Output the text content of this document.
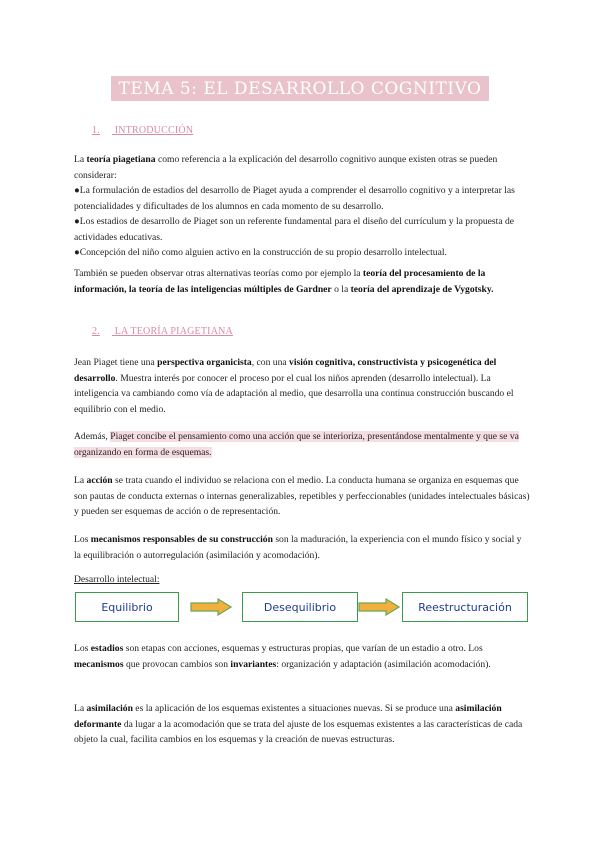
TEMA 5: EL DESARROLLO COGNITIVO
1. INTRODUCCIÓN

La teoría piagetiana como referencia a la explicación del desarrollo cognitivo aunque existen otras se pueden considerar:
●La formulación de estadios del desarrollo de Piaget ayuda a comprender el desarrollo cognitivo y a interpretar las potencialidades y dificultades de los alumnos en cada momento de su desarrollo.
●Los estadios de desarrollo de Piaget son un referente fundamental para el diseño del currículum y la propuesta de actividades educativas.
●Concepción del niño como alguien activo en la construcción de su propio desarrollo intelectual.

También se pueden observar otras alternativas teorías como por ejemplo la teoría del procesamiento de la información, la teoría de las inteligencias múltiples de Gardner o la teoría del aprendizaje de Vygotsky.

2. LA TEORÍA PIAGETIANA

Jean Piaget tiene una perspectiva organicista, con una visión cognitiva, constructivista y psicogenética del desarrollo. Muestra interés por conocer el proceso por el cual los niños aprenden (desarrollo intelectual). La inteligencia va cambiando como vía de adaptación al medio, que desarrolla una continua construcción buscando el equilibrio con el medio.

Además, Piaget concibe el pensamiento como una acción que se interioriza, presentándose mentalmente y que se va organizando en forma de esquemas.

La acción se trata cuando el individuo se relaciona con el medio. La conducta humana se organiza en esquemas que son pautas de conducta externas o internas generalizables, repetibles y perfeccionables (unidades intelectuales básicas) y pueden ser esquemas de acción o de representación.

Los mecanismos responsables de su construcción son la maduración, la experiencia con el mundo físico y social y la equilibración o autorregulación (asimilación y acomodación).

Desarrollo intelectual:
Equilibrio	Desequilibrio	Reestructuración

Los estadios son etapas con acciones, esquemas y estructuras propias, que varían de un estadio a otro. Los mecanismos que provocan cambios son invariantes: organización y adaptación (asimilación acomodación).

La asimilación es la aplicación de los esquemas existentes a situaciones nuevas. Si se produce una asimilación deformante da lugar a la acomodación que se trata del ajuste de los esquemas existentes a las características de cada objeto la cual, facilita cambios en los esquemas y la creación de nuevas estructuras.
